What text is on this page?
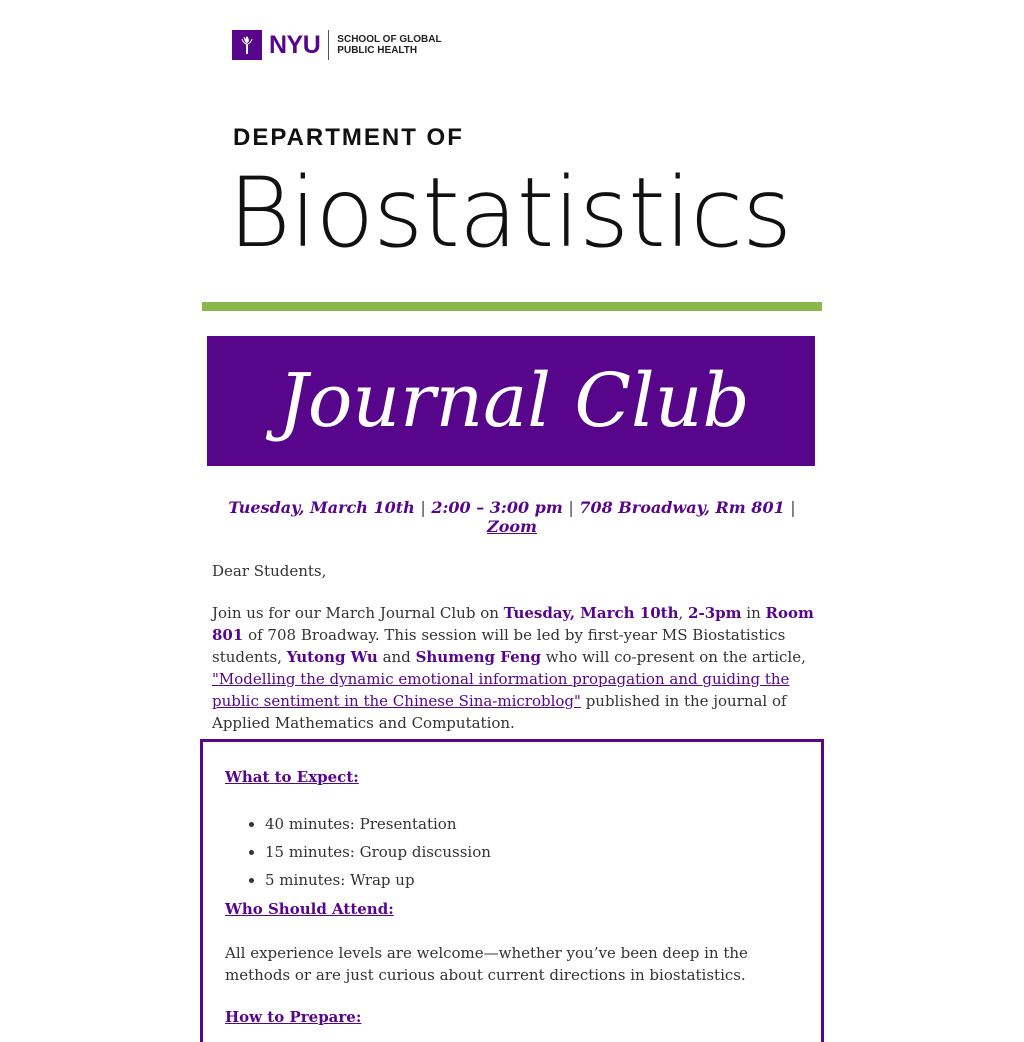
NYU SCHOOL OF GLOBAL
PUBLIC HEALTH
DEPARTMENT OF
Biostatistics
Journal Club
Tuesday, March 10th | 2:00 – 3:00 pm | 708 Broadway, Rm 801 | Zoom
Dear Students,
Join us for our March Journal Club on Tuesday, March 10th, 2-3pm in Room 801 of 708 Broadway. This session will be led by first-year MS Biostatistics students, Yutong Wu and Shumeng Feng who will co-present on the article, "Modelling the dynamic emotional information propagation and guiding the public sentiment in the Chinese Sina-microblog" published in the journal of Applied Mathematics and Computation.
What to Expect:
• 40 minutes: Presentation
• 15 minutes: Group discussion
• 5 minutes: Wrap up
Who Should Attend:
All experience levels are welcome—whether you’ve been deep in the methods or are just curious about current directions in biostatistics.
How to Prepare:
